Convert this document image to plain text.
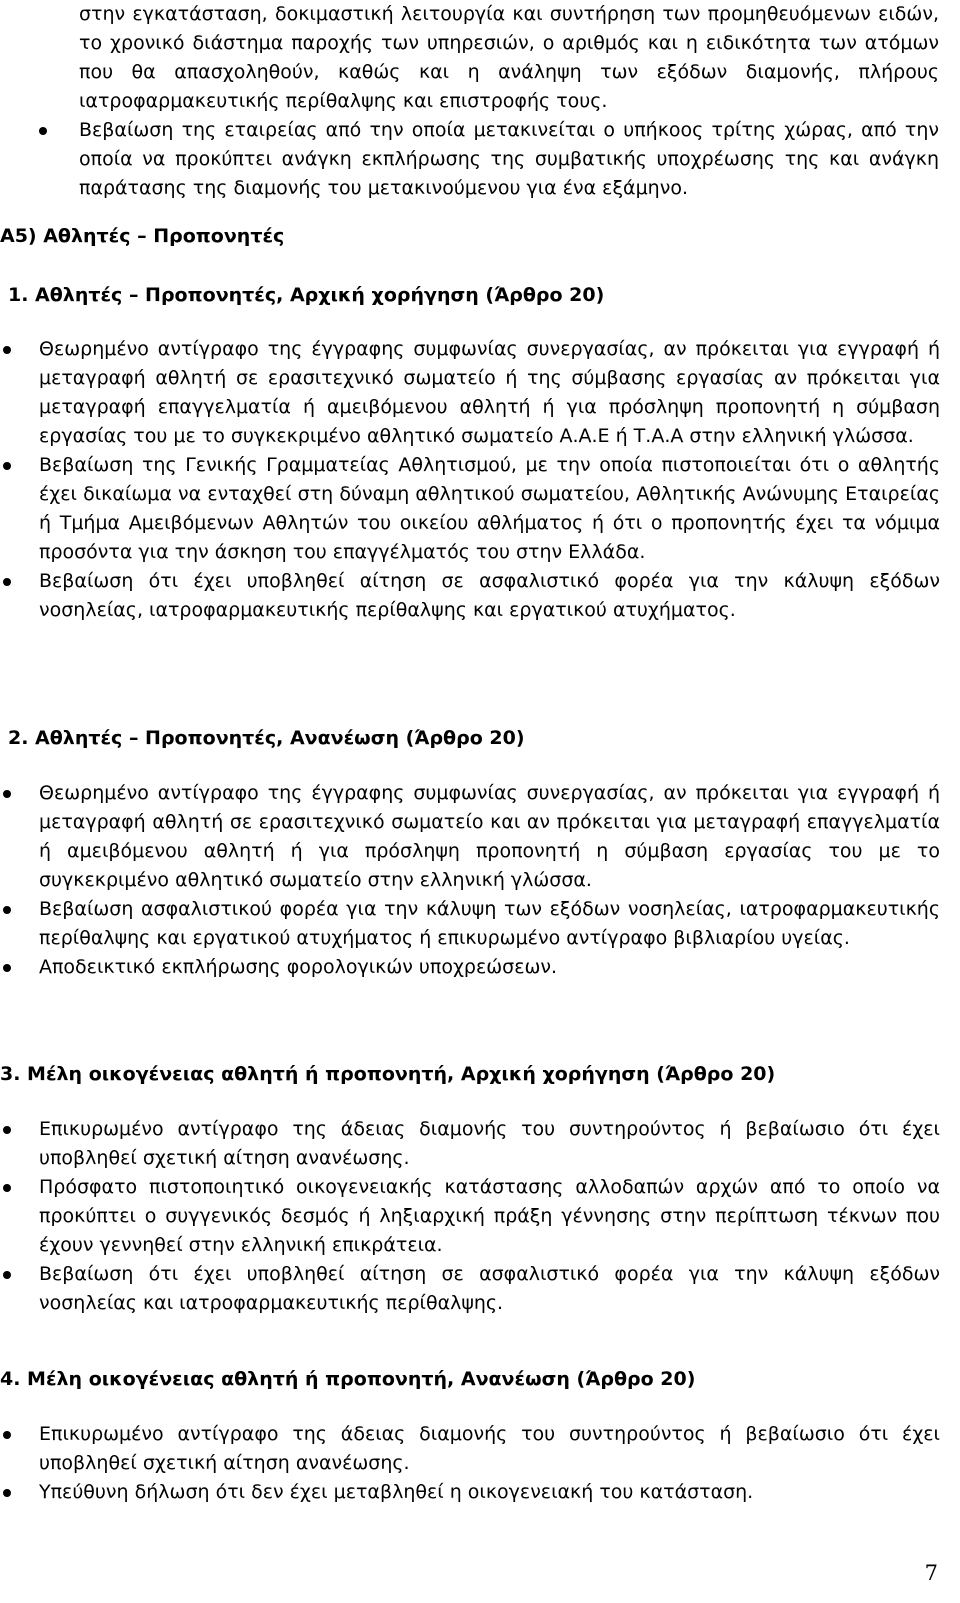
στην εγκατάσταση, δοκιμαστική λειτουργία και συντήρηση των προμηθευόμενων ειδών, το χρονικό διάστημα παροχής των υπηρεσιών, ο αριθμός και η ειδικότητα των ατόμων που θα απασχοληθούν, καθώς και η ανάληψη των εξόδων διαμονής, πλήρους ιατροφαρμακευτικής περίθαλψης και επιστροφής τους.

Βεβαίωση της εταιρείας από την οποία μετακινείται ο υπήκοος τρίτης χώρας, από την οποία να προκύπτει ανάγκη εκπλήρωσης της συμβατικής υποχρέωσης της και ανάγκη παράτασης της διαμονής του μετακινούμενου για ένα εξάμηνο.
A5) Αθλητές – Προπονητές
1. Αθλητές – Προπονητές, Αρχική χορήγηση (Άρθρο 20)
Θεωρημένο αντίγραφο της έγγραφης συμφωνίας συνεργασίας, αν πρόκειται για εγγραφή ή μεταγραφή αθλητή σε ερασιτεχνικό σωματείο ή της σύμβασης εργασίας αν πρόκειται για μεταγραφή επαγγελματία ή αμειβόμενου αθλητή ή για πρόσληψη προπονητή η σύμβαση εργασίας του με το συγκεκριμένο αθλητικό σωματείο Α.Α.Ε ή Τ.Α.Α στην ελληνική γλώσσα.
Βεβαίωση της Γενικής Γραμματείας Αθλητισμού, με την οποία πιστοποιείται ότι ο αθλητής έχει δικαίωμα να ενταχθεί στη δύναμη αθλητικού σωματείου, Αθλητικής Ανώνυμης Εταιρείας ή Τμήμα Αμειβόμενων Αθλητών του οικείου αθλήματος ή ότι ο προπονητής έχει τα νόμιμα προσόντα για την άσκηση του επαγγέλματός του στην Ελλάδα.
Βεβαίωση ότι έχει υποβληθεί αίτηση σε ασφαλιστικό φορέα για την κάλυψη εξόδων νοσηλείας, ιατροφαρμακευτικής περίθαλψης και εργατικού ατυχήματος.
2. Αθλητές – Προπονητές, Ανανέωση (Άρθρο 20)
Θεωρημένο αντίγραφο της έγγραφης συμφωνίας συνεργασίας, αν πρόκειται για εγγραφή ή μεταγραφή αθλητή σε ερασιτεχνικό σωματείο και αν πρόκειται για μεταγραφή επαγγελματία ή αμειβόμενου αθλητή ή για πρόσληψη προπονητή η σύμβαση εργασίας του με το συγκεκριμένο αθλητικό σωματείο στην ελληνική γλώσσα.
Βεβαίωση ασφαλιστικού φορέα για την κάλυψη των εξόδων νοσηλείας, ιατροφαρμακευτικής περίθαλψης και εργατικού ατυχήματος ή επικυρωμένο αντίγραφο βιβλιαρίου υγείας.
Αποδεικτικό εκπλήρωσης φορολογικών υποχρεώσεων.
3. Μέλη οικογένειας αθλητή ή προπονητή, Αρχική χορήγηση (Άρθρο 20)
Επικυρωμένο αντίγραφο της άδειας διαμονής του συντηρούντος ή βεβαίωσιο ότι έχει υποβληθεί σχετική αίτηση ανανέωσης.
Πρόσφατο πιστοποιητικό οικογενειακής κατάστασης αλλοδαπών αρχών από το οποίο να προκύπτει ο συγγενικός δεσμός ή ληξιαρχική πράξη γέννησης στην περίπτωση τέκνων που έχουν γεννηθεί στην ελληνική επικράτεια.
Βεβαίωση ότι έχει υποβληθεί αίτηση σε ασφαλιστικό φορέα για την κάλυψη εξόδων νοσηλείας και ιατροφαρμακευτικής περίθαλψης.
4. Μέλη οικογένειας αθλητή ή προπονητή, Ανανέωση (Άρθρο 20)
Επικυρωμένο αντίγραφο της άδειας διαμονής του συντηρούντος ή βεβαίωσιο ότι έχει υποβληθεί σχετική αίτηση ανανέωσης.
Υπεύθυνη δήλωση ότι δεν έχει μεταβληθεί η οικογενειακή του κατάσταση.
7
